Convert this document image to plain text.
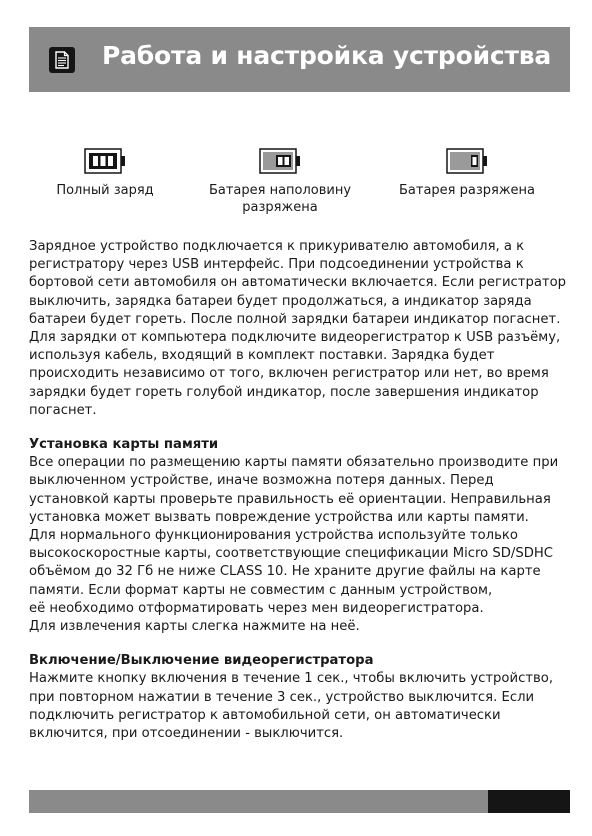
Работа и настройка устройства
Полный заряд	Батарея наполовину
разряжена
Батарея разряжена

Зарядное устройство подключается к прикуривателю автомобиля, а к
регистратору через USB интерфейс. При подсоединении устройства к
бортовой сети автомобиля он автоматически включается. Если регистратор
выключить, зарядка батареи будет продолжаться, а индикатор заряда
батареи будет гореть. После полной зарядки батареи индикатор погаснет.
Для зарядки от компьютера подключите видеорегистратор к USB разъёму,
используя кабель, входящий в комплект поставки. Зарядка будет
происходить независимо от того, включен регистратор или нет, во время
зарядки будет гореть голубой индикатор, после завершения индикатор
погаснет.

Установка карты памяти

Все операции по размещению карты памяти обязательно производите при
выключенном устройстве, иначе возможна потеря данных. Перед
установкой карты проверьте правильность её ориентации. Неправильная
установка может вызвать повреждение устройства или карты памяти.
Для нормального функционирования устройства используйте только
высокоскоростные карты, соответствующие спецификации Micro SD/SDHC
объёмом до 32 Гб не ниже CLASS 10. Не храните другие файлы на карте
памяти. Если формат карты не совместим с данным устройством,
её необходимо отформатировать через мен видеорегистратора.
Для извлечения карты слегка нажмите на неё.

Включение/Выключение видеорегистратора

Нажмите кнопку включения в течение 1 сек., чтобы включить устройство,
при повторном нажатии в течение 3 сек., устройство выключится. Если
подключить регистратор к автомобильной сети, он автоматически
включится, при отсоединении - выключится.
